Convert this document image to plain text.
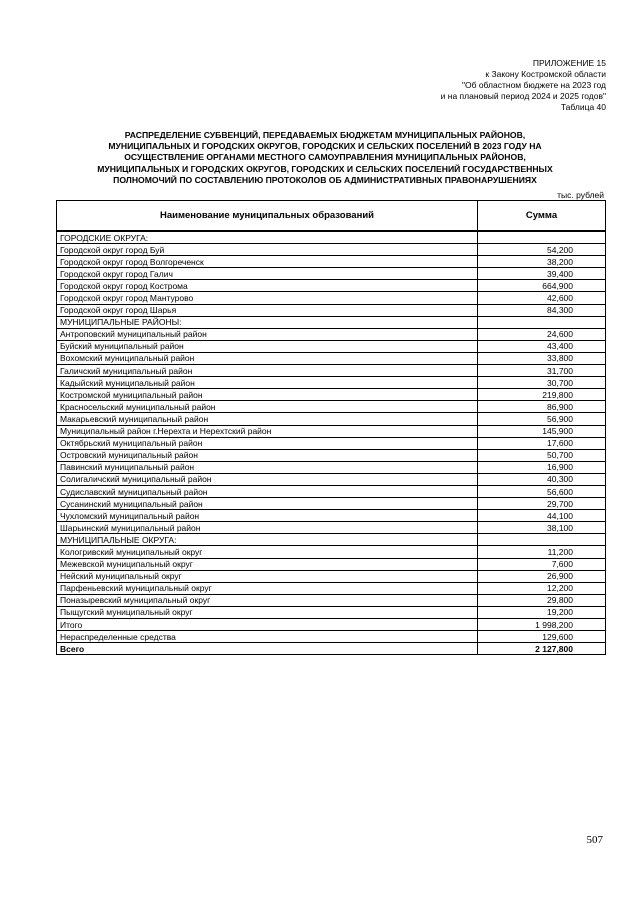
ПРИЛОЖЕНИЕ 15
к Закону Костромской области
"Об областном бюджете на 2023 год
и на плановый период 2024 и 2025 годов"
Таблица 40
РАСПРЕДЕЛЕНИЕ СУБВЕНЦИЙ, ПЕРЕДАВАЕМЫХ БЮДЖЕТАМ МУНИЦИПАЛЬНЫХ РАЙОНОВ,
МУНИЦИПАЛЬНЫХ И ГОРОДСКИХ ОКРУГОВ, ГОРОДСКИХ И СЕЛЬСКИХ ПОСЕЛЕНИЙ В 2023 ГОДУ НА
ОСУЩЕСТВЛЕНИЕ ОРГАНАМИ МЕСТНОГО САМОУПРАВЛЕНИЯ МУНИЦИПАЛЬНЫХ РАЙОНОВ,
МУНИЦИПАЛЬНЫХ И ГОРОДСКИХ ОКРУГОВ, ГОРОДСКИХ И СЕЛЬСКИХ ПОСЕЛЕНИЙ ГОСУДАРСТВЕННЫХ
ПОЛНОМОЧИЙ ПО СОСТАВЛЕНИЮ ПРОТОКОЛОВ ОБ АДМИНИСТРАТИВНЫХ ПРАВОНАРУШЕНИЯХ
тыс. рублей
Наименование муниципальных образований	Сумма
ГОРОДСКИЕ ОКРУГА:	
Городской округ город Буй	54,200
Городской округ город Волгореченск	38,200
Городской округ город Галич	39,400
Городской округ город Кострома	664,900
Городской округ город Мантурово	42,600
Городской округ город Шарья	84,300
МУНИЦИПАЛЬНЫЕ РАЙОНЫ:	
Антроповский муниципальный район	24,600
Буйский муниципальный район	43,400
Вохомский муниципальный район	33,800
Галичский муниципальный район	31,700
Кадыйский муниципальный район	30,700
Костромской муниципальный район	219,800
Красносельский муниципальный район	86,900
Макарьевский муниципальный район	56,900
Муниципальный район г.Нерехта и Нерехтский район	145,900
Октябрьский муниципальный район	17,600
Островский муниципальный район	50,700
Павинский муниципальный район	16,900
Солигаличский муниципальный район	40,300
Судиславский муниципальный район	56,600
Сусанинский муниципальный район	29,700
Чухломский муниципальный район	44,100
Шарьинский муниципальный район	38,100
МУНИЦИПАЛЬНЫЕ ОКРУГА:	
Кологривский муниципальный округ	11,200
Межевской муниципальный округ	7,600
Нейский муниципальный округ	26,900
Парфеньевский муниципальный округ	12,200
Поназыревский муниципальный округ	29,800
Пыщугский муниципальный округ	19,200
Итого	1 998,200
Нераспределенные средства	129,600
Всего	2 127,800
507
